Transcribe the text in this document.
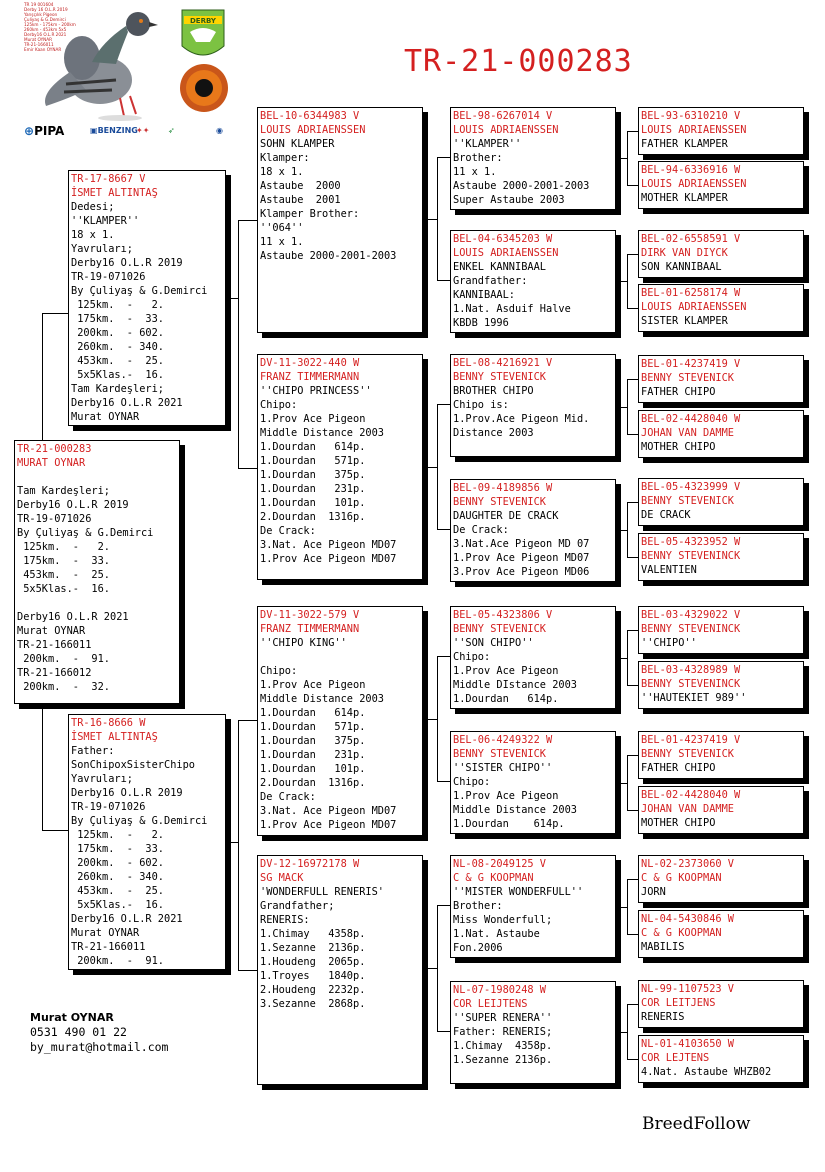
TR 19 001604
Derby 16 O.L.R 2019
Yarışçılık Pigeon
Çuliyaş & G.Demirci
125km - 175km - 200km
260km - 453km 5x5
Derby16 O.L.R 2021
Murat OYNAR
TR-21-166011
Emir Kaan OYNAR
DERBY
⊕PIPA	▣BENZING
✦✦ ➶	◉
TR-21-000283
TR-21-000283
MURAT OYNAR
Tam Kardeşleri;
Derby16 O.L.R 2019
TR-19-071026
By Çuliyaş & G.Demirci
125km.  -   2.
175km.  -  33.
453km.  -  25.
5x5Klas.-  16.
Derby16 O.L.R 2021
Murat OYNAR
TR-21-166011
200km.  -  91.
TR-21-166012
200km.  -  32.
TR-17-8667 V
İSMET ALTINTAŞ
Dedesi;
''KLAMPER''
18 x 1.
Yavruları;
Derby16 O.L.R 2019
TR-19-071026
By Çuliyaş & G.Demirci
125km.  -   2.
175km.  -  33.
200km.  - 602.
260km.  - 340.
453km.  -  25.
5x5Klas.-  16.
Tam Kardeşleri;
Derby16 O.L.R 2021
Murat OYNAR
TR-16-8666 W
İSMET ALTINTAŞ
Father:
SonChipoxSisterChipo
Yavruları;
Derby16 O.L.R 2019
TR-19-071026
By Çuliyaş & G.Demirci
125km.  -   2.
175km.  -  33.
200km.  - 602.
260km.  - 340.
453km.  -  25.
5x5Klas.-  16.
Derby16 O.L.R 2021
Murat OYNAR
TR-21-166011
200km.  -  91.
BEL-10-6344983 V
LOUIS ADRIAENSSEN
SOHN KLAMPER
Klamper:
18 x 1.
Astaube  2000
Astaube  2001
Klamper Brother:
''064''
11 x 1.
Astaube 2000-2001-2003
DV-11-3022-440 W
FRANZ TIMMERMANN
''CHIPO PRINCESS''
Chipo:
1.Prov Ace Pigeon
Middle Distance 2003
1.Dourdan   614p.
1.Dourdan   571p.
1.Dourdan   375p.
1.Dourdan   231p.
1.Dourdan   101p.
2.Dourdan  1316p.
De Crack:
3.Nat. Ace Pigeon MD07
1.Prov Ace Pigeon MD07
DV-11-3022-579 V
FRANZ TIMMERMANN
''CHIPO KING''
Chipo:
1.Prov Ace Pigeon
Middle Distance 2003
1.Dourdan   614p.
1.Dourdan   571p.
1.Dourdan   375p.
1.Dourdan   231p.
1.Dourdan   101p.
2.Dourdan  1316p.
De Crack:
3.Nat. Ace Pigeon MD07
1.Prov Ace Pigeon MD07
DV-12-16972178 W
SG MACK
'WONDERFULL RENERIS'
Grandfather;
RENERIS:
1.Chimay   4358p.
1.Sezanne  2136p.
1.Houdeng  2065p.
1.Troyes   1840p.
2.Houdeng  2232p.
3.Sezanne  2868p.
BEL-98-6267014 V
LOUIS ADRIAENSSEN
''KLAMPER''
Brother:
11 x 1.
Astaube 2000-2001-2003
Super Astaube 2003
BEL-04-6345203 W
LOUIS ADRIAENSSEN
ENKEL KANNIBAAL
Grandfather:
KANNIBAAL:
1.Nat. Asduif Halve
KBDB 1996
BEL-08-4216921 V
BENNY STEVENICK
BROTHER CHIPO
Chipo is:
1.Prov.Ace Pigeon Mid.
Distance 2003
BEL-09-4189856 W
BENNY STEVENICK
DAUGHTER DE CRACK
De Crack:
3.Nat.Ace Pigeon MD 07
1.Prov Ace Pigeon MD07
3.Prov Ace Pigeon MD06
BEL-05-4323806 V
BENNY STEVENICK
''SON CHIPO''
Chipo:
1.Prov Ace Pigeon
Middle DIstance 2003
1.Dourdan   614p.
BEL-06-4249322 W
BENNY STEVENICK
''SISTER CHIPO''
Chipo:
1.Prov Ace Pigeon
Middle Distance 2003
1.Dourdan    614p.
NL-08-2049125 V
C & G KOOPMAN
''MISTER WONDERFULL''
Brother:
Miss Wonderfull;
1.Nat. Astaube
Fon.2006
NL-07-1980248 W
COR LEIJTENS
''SUPER RENERA''
Father: RENERIS;
1.Chimay  4358p.
1.Sezanne 2136p.
BEL-93-6310210 V
LOUIS ADRIAENSSEN
FATHER KLAMPER
BEL-94-6336916 W
LOUIS ADRIAENSSEN
MOTHER KLAMPER
BEL-02-6558591 V
DIRK VAN DIYCK
SON KANNIBAAL
BEL-01-6258174 W
LOUIS ADRIAENSSEN
SISTER KLAMPER
BEL-01-4237419 V
BENNY STEVENICK
FATHER CHIPO
BEL-02-4428040 W
JOHAN VAN DAMME
MOTHER CHIPO
BEL-05-4323999 V
BENNY STEVENICK
DE CRACK
BEL-05-4323952 W
BENNY STEVENINCK
VALENTIEN
BEL-03-4329022 V
BENNY STEVENINCK
''CHIPO''
BEL-03-4328989 W
BENNY STEVENINCK
''HAUTEKIET 989''
BEL-01-4237419 V
BENNY STEVENICK
FATHER CHIPO
BEL-02-4428040 W
JOHAN VAN DAMME
MOTHER CHIPO
NL-02-2373060 V
C & G KOOPMAN
JORN
NL-04-5430846 W
C & G KOOPMAN
MABILIS
NL-99-1107523 V
COR LEITJENS
RENERIS
NL-01-4103650 W
COR LEJTENS
4.Nat. Astaube WHZB02
Murat OYNAR
0531 490 01 22
by_murat@hotmail.com
BreedFollow
